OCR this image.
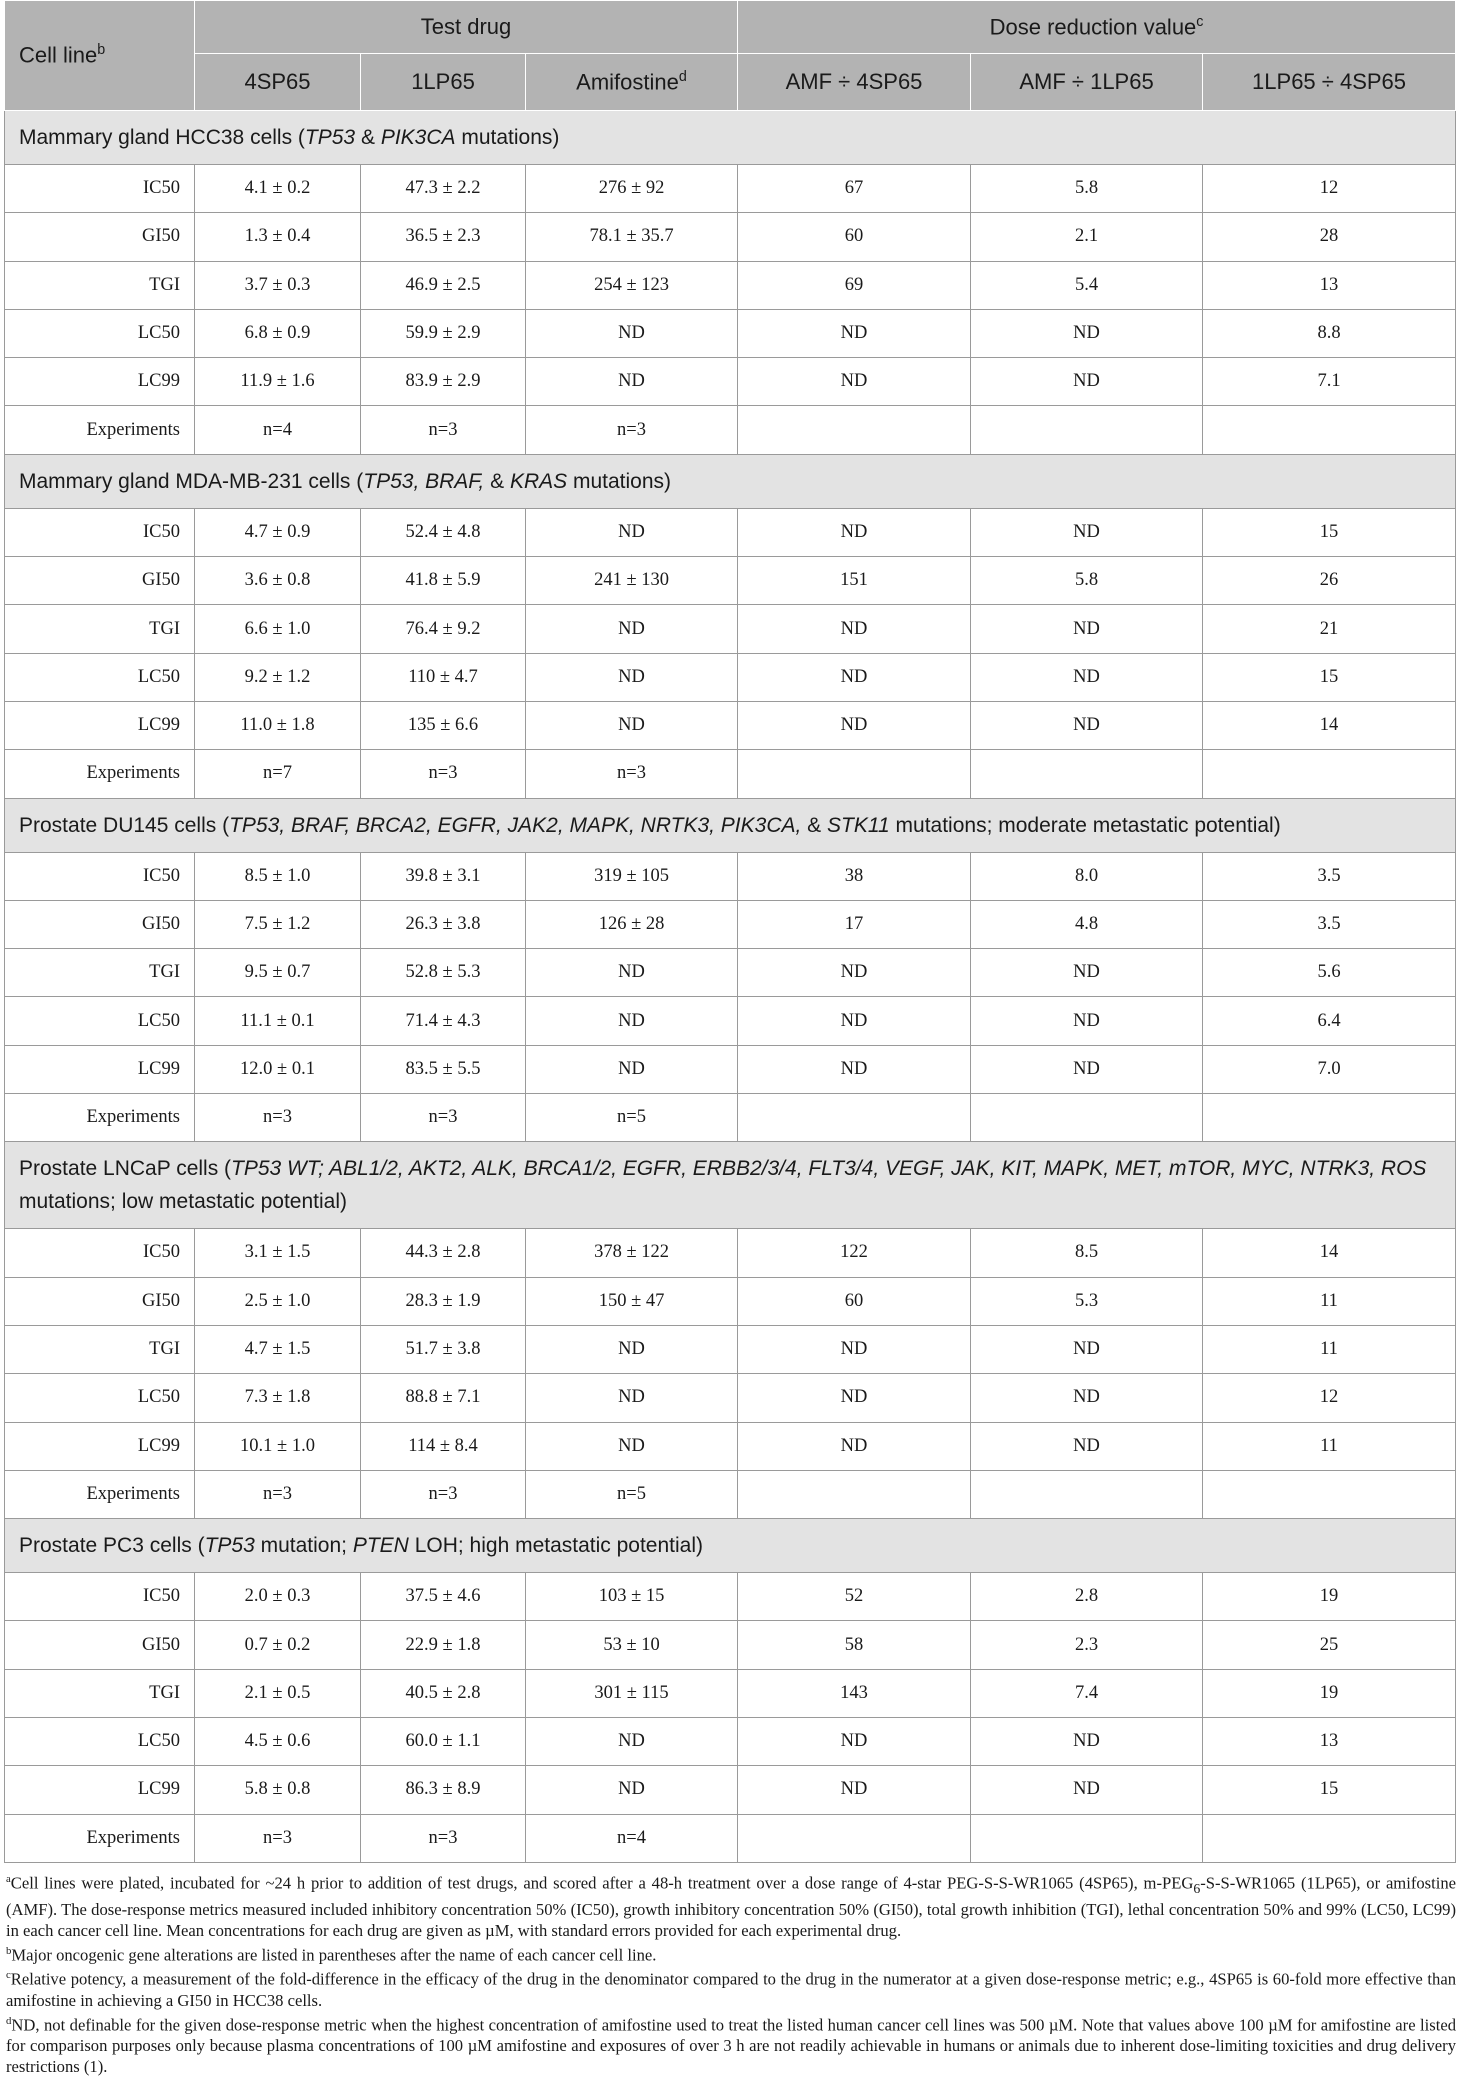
Cell line$^b$	Test drug			Dose reduction value$^c$
	4SP65	1LP65	Amifostine$^d$	AMF ÷ 4SP65	AMF ÷ 1LP65	1LP65 ÷ 4SP65
Mammary gland HCC38 cells (TP53 & PIK3CA mutations)						
IC50	4.1 ± 0.2	47.3 ± 2.2	276 ± 92	67	5.8	12
GI50	1.3 ± 0.4	36.5 ± 2.3	78.1 ± 35.7	60	2.1	28
TGI	3.7 ± 0.3	46.9 ± 2.5	254 ± 123	69	5.4	13
LC50	6.8 ± 0.9	59.9 ± 2.9	ND	ND	ND	8.8
LC99	11.9 ± 1.6	83.9 ± 2.9	ND	ND	ND	7.1
Experiments	n=4	n=3	n=3			
Mammary gland MDA-MB-231 cells (TP53, BRAF, & KRAS mutations)						
IC50	4.7 ± 0.9	52.4 ± 4.8	ND	ND	ND	15
GI50	3.6 ± 0.8	41.8 ± 5.9	241 ± 130	151	5.8	26
TGI	6.6 ± 1.0	76.4 ± 9.2	ND	ND	ND	21
LC50	9.2 ± 1.2	110 ± 4.7	ND	ND	ND	15
LC99	11.0 ± 1.8	135 ± 6.6	ND	ND	ND	14
Experiments	n=7	n=3	n=3			
Prostate DU145 cells (TP53, BRAF, BRCA2, EGFR, JAK2, MAPK, NRTK3, PIK3CA, & STK11 mutations; moderate metastatic potential)						
IC50	8.5 ± 1.0	39.8 ± 3.1	319 ± 105	38	8.0	3.5
GI50	7.5 ± 1.2	26.3 ± 3.8	126 ± 28	17	4.8	3.5
TGI	9.5 ± 0.7	52.8 ± 5.3	ND	ND	ND	5.6
LC50	11.1 ± 0.1	71.4 ± 4.3	ND	ND	ND	6.4
LC99	12.0 ± 0.1	83.5 ± 5.5	ND	ND	ND	7.0
Experiments	n=3	n=3	n=5			
Prostate LNCaP cells (TP53 WT; ABL1/2, AKT2, ALK, BRCA1/2, EGFR, ERBB2/3/4, FLT3/4, VEGF, JAK, KIT, MAPK, MET, mTOR, MYC, NTRK3, ROS mutations; low metastatic potential)						
IC50	3.1 ± 1.5	44.3 ± 2.8	378 ± 122	122	8.5	14
GI50	2.5 ± 1.0	28.3 ± 1.9	150 ± 47	60	5.3	11
TGI	4.7 ± 1.5	51.7 ± 3.8	ND	ND	ND	11
LC50	7.3 ± 1.8	88.8 ± 7.1	ND	ND	ND	12
LC99	10.1 ± 1.0	114 ± 8.4	ND	ND	ND	11
Experiments	n=3	n=3	n=5			
Prostate PC3 cells (TP53 mutation; PTEN LOH; high metastatic potential)						
IC50	2.0 ± 0.3	37.5 ± 4.6	103 ± 15	52	2.8	19
GI50	0.7 ± 0.2	22.9 ± 1.8	53 ± 10	58	2.3	25
TGI	2.1 ± 0.5	40.5 ± 2.8	301 ± 115	143	7.4	19
LC50	4.5 ± 0.6	60.0 ± 1.1	ND	ND	ND	13
LC99	5.8 ± 0.8	86.3 ± 8.9	ND	ND	ND	15
Experiments	n=3	n=3	n=4			

$^a$Cell lines were plated, incubated for ~24 h prior to addition of test drugs, and scored after a 48-h treatment over a dose range of 4-star PEG-S-S-WR1065 (4SP65), $m-PEG_6-S-S-WR1065$ (1LP65), or amifostine (AMF). The dose-response metrics measured included inhibitory concentration 50% (IC50), growth inhibitory concentration 50% (GI50), total growth inhibition (TGI), lethal concentration 50% and 99% (LC50, LC99) in each cancer cell line. Mean concentrations for each drug are given as µM, with standard errors provided for each experimental drug.

$^b$Major oncogenic gene alterations are listed in parentheses after the name of each cancer cell line.

$^c$Relative potency, a measurement of the fold-difference in the efficacy of the drug in the denominator compared to the drug in the numerator at a given dose-response metric; e.g., 4SP65 is 60-fold more effective than amifostine in achieving a GI50 in HCC38 cells.

$^d$ND, not definable for the given dose-response metric when the highest concentration of amifostine used to treat the listed human cancer cell lines was 500 µM. Note that values above 100 µM for amifostine are listed for comparison purposes only because plasma concentrations of 100 µM amifostine and exposures of over 3 h are not readily achievable in humans or animals due to inherent dose-limiting toxicities and drug delivery restrictions (1).
